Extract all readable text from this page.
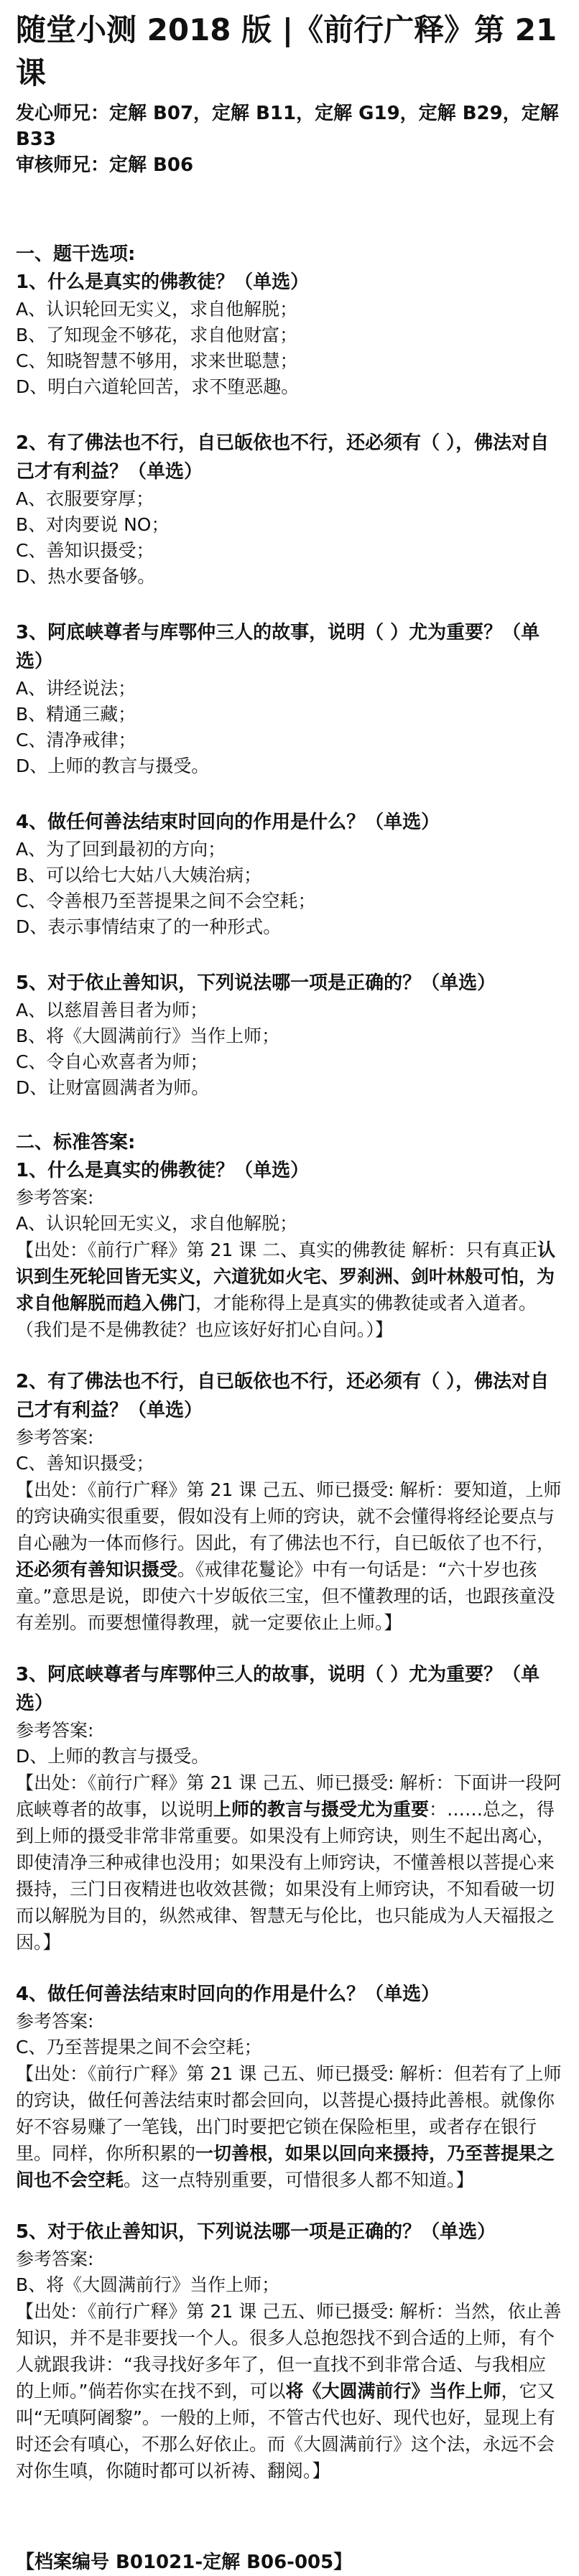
随堂小测 2018 版 |《前行广释》第 21 课
发心师兄：定解 B07，定解 B11，定解 G19，定解 B29，定解 B33
审核师兄：定解 B06
一、题干选项:
1、什么是真实的佛教徒？（单选）
A、认识轮回无实义，求自他解脱；
B、了知现金不够花，求自他财富；
C、知晓智慧不够用，求来世聪慧；
D、明白六道轮回苦，求不堕恶趣。
2、有了佛法也不行，自已皈依也不行，还必须有（ ），佛法对自己才有利益？（单选）
A、衣服要穿厚；
B、对肉要说 NO；
C、善知识摄受；
D、热水要备够。
3、阿底峡尊者与库鄂仲三人的故事，说明（ ）尤为重要？（单选）
A、讲经说法；
B、精通三藏；
C、清净戒律；
D、上师的教言与摄受。
4、做任何善法结束时回向的作用是什么？（单选）
A、为了回到最初的方向；
B、可以给七大姑八大姨治病；
C、令善根乃至菩提果之间不会空耗；
D、表示事情结束了的一种形式。
5、对于依止善知识，下列说法哪一项是正确的？（单选）
A、以慈眉善目者为师；
B、将《大圆满前行》当作上师；
C、令自心欢喜者为师；
D、让财富圆满者为师。
二、标准答案:
1、什么是真实的佛教徒？（单选）
参考答案:
A、认识轮回无实义，求自他解脱；
【出处：《前行广释》第 21 课 二、真实的佛教徒 解析：只有真正认识到生死轮回皆无实义，六道犹如火宅、罗刹洲、剑叶林般可怕，为求自他解脱而趋入佛门，才能称得上是真实的佛教徒或者入道者。（我们是不是佛教徒？也应该好好扪心自问。）】
2、有了佛法也不行，自已皈依也不行，还必须有（ ），佛法对自己才有利益？（单选）
参考答案:
C、善知识摄受；
【出处：《前行广释》第 21 课 己五、师已摄受: 解析：要知道，上师的窍诀确实很重要，假如没有上师的窍诀，就不会懂得将经论要点与自心融为一体而修行。因此，有了佛法也不行，自已皈依了也不行，还必须有善知识摄受。《戒律花鬘论》中有一句话是：“六十岁也孩童。”意思是说，即使六十岁皈依三宝，但不懂教理的话，也跟孩童没有差别。而要想懂得教理，就一定要依止上师。】
3、阿底峡尊者与库鄂仲三人的故事，说明（ ）尤为重要？（单选）
参考答案:
D、上师的教言与摄受。
【出处：《前行广释》第 21 课 己五、师已摄受: 解析：下面讲一段阿底峡尊者的故事，以说明上师的教言与摄受尤为重要：……总之，得到上师的摄受非常非常重要。如果没有上师窍诀，则生不起出离心，即使清净三种戒律也没用；如果没有上师窍诀，不懂善根以菩提心来摄持，三门日夜精进也收效甚微；如果没有上师窍诀，不知看破一切而以解脱为目的，纵然戒律、智慧无与伦比，也只能成为人天福报之因。】
4、做任何善法结束时回向的作用是什么？（单选）
参考答案:
C、乃至菩提果之间不会空耗；
【出处：《前行广释》第 21 课 己五、师已摄受: 解析：但若有了上师的窍诀，做任何善法结束时都会回向，以菩提心摄持此善根。就像你好不容易赚了一笔钱，出门时要把它锁在保险柜里，或者存在银行里。同样，你所积累的一切善根，如果以回向来摄持，乃至菩提果之间也不会空耗。这一点特别重要，可惜很多人都不知道。】
5、对于依止善知识，下列说法哪一项是正确的？（单选）
参考答案:
B、将《大圆满前行》当作上师；
【出处：《前行广释》第 21 课 己五、师已摄受: 解析：当然，依止善知识，并不是非要找一个人。很多人总抱怨找不到合适的上师，有个人就跟我讲：“我寻找好多年了，但一直找不到非常合适、与我相应的上师。”倘若你实在找不到，可以将《大圆满前行》当作上师，它又叫“无嗔阿阇黎”。一般的上师，不管古代也好、现代也好，显现上有时还会有嗔心，不那么好依止。而《大圆满前行》这个法，永远不会对你生嗔，你随时都可以祈祷、翻阅。】
【档案编号 B01021-定解 B06-005】
